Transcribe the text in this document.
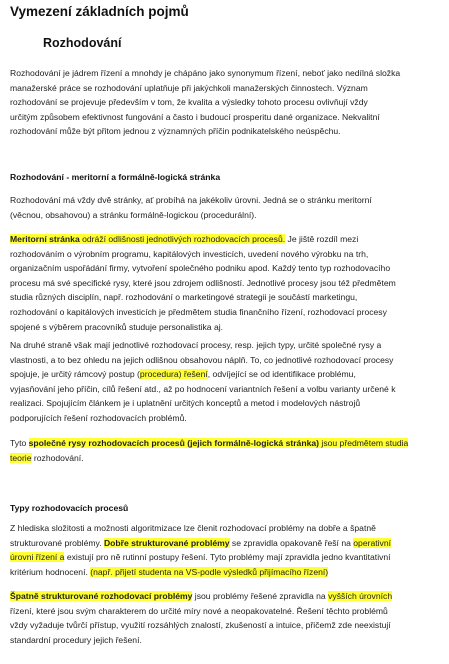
Vymezení základních pojmů
Rozhodování
Rozhodování je jádrem řízení a mnohdy je chápáno jako synonymum řízení, neboť jako nedílná složka
manažerské práce se rozhodování uplatňuje při jakýchkoli manažerských činnostech. Význam
rozhodování se projevuje především v tom, že kvalita a výsledky tohoto procesu ovlivňují vždy
určitým způsobem efektivnost fungování a často i budoucí prosperitu dané organizace. Nekvalitní
rozhodování může být přitom jednou z významných příčin podnikatelského neúspěchu.
Rozhodování - meritorní a formálně-logická stránka
Rozhodování má vždy dvě stránky, ať probíhá na jakékoliv úrovni. Jedná se o stránku meritorní
(věcnou, obsahovou) a stránku formálně-logickou (procedurální).
Meritorní stránka odráží odlišnosti jednotlivých rozhodovacích procesů. Je jiště rozdíl mezi
rozhodováním o výrobním programu, kapitálových investicích, uvedení nového výrobku na trh,
organizačním uspořádání firmy, vytvoření společného podniku apod. Každý tento typ rozhodovacího
procesu má své specifické rysy, které jsou zdrojem odlišností. Jednotlivé procesy jsou též předmětem
studia různých disciplín, např. rozhodování o marketingové strategii je součástí marketingu,
rozhodování o kapitálových investicích je předmětem studia finančního řízení, rozhodovací procesy
spojené s výběrem pracovníků studuje personalistika aj.
Na druhé straně však mají jednotlivé rozhodovací procesy, resp. jejich typy, určité společné rysy a
vlastnosti, a to bez ohledu na jejich odlišnou obsahovou náplň. To, co jednotlivé rozhodovací procesy
spojuje, je určitý rámcový postup (procedura) řešení, odvíjející se od identifikace problému,
vyjasňování jeho příčin, cílů řešení atd., až po hodnocení variantních řešení a volbu varianty určené k
realizaci. Spojujícím článkem je i uplatnění určitých konceptů a metod i modelových nástrojů
podporujících řešení rozhodovacích problémů.
Tyto společné rysy rozhodovacích procesů (jejich formálně-logická stránka) jsou předmětem studia
teorie rozhodování.
Typy rozhodovacích procesů
Z hlediska složitosti a možnosti algoritmizace lze členit rozhodovací problémy na dobře a špatně
strukturované problémy. Dobře strukturované problémy se zpravidla opakovaně řeší na operativní
úrovni řízení a existují pro ně rutinní postupy řešení. Tyto problémy mají zpravidla jedno kvantitativní
kritérium hodnocení. (např. přijetí studenta na VS-podle výsledků přijímacího řízení)
Špatně strukturované rozhodovací problémy jsou problémy řešené zpravidla na vyšších úrovních
řízení, které jsou svým charakterem do určité míry nové a neopakovatelné. Řešení těchto problémů
vždy vyžaduje tvůrčí přístup, využití rozsáhlých znalostí, zkušeností a intuice, přičemž zde neexistují
standardní procedury jejich řešení.
